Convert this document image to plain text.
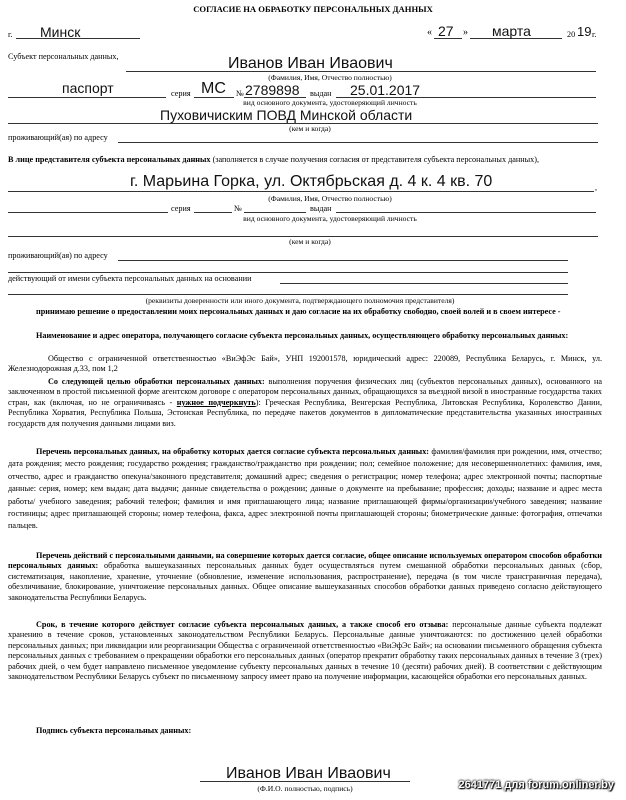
СОГЛАСИЕ НА ОБРАБОТКУ ПЕРСОНАЛЬНЫХ ДАННЫХ
г. Минск	« 27 » марта	20 19 г.
Субъект персональных данных,	Иванов Иван Иваович
(Фамилия, Имя, Отчество полностью)
паспорт	серия МС № 2789898 выдан 25.01.2017
вид основного документа, удостоверяющий личность
Пуховичиским ПОВД Минской области
(кем и когда)
проживающий(ая) по адресу
В лице представителя субъекта персональных данных (заполняется в случае получения согласия от представителя субъекта персональных данных),
г. Марьина Горка, ул. Октябрьская д. 4 к. 4 кв. 70	,
(Фамилия, Имя, Отчество полностью)
серия	№	выдан
вид основного документа, удостоверяющий личность
(кем и когда)
проживающий(ая) по адресу
действующий от имени субъекта персональных данных на основании
(реквизиты доверенности или иного документа, подтверждающего полномочия представителя)
принимаю решение о предоставлении моих персональных данных и даю согласие на их обработку свободно, своей волей и в своем интересе -
Наименование и адрес оператора, получающего согласие субъекта персональных данных, осуществляющего обработку персональных данных:
Общество с ограниченной ответственностью «ВиЭфЭс Бай», УНП 192001578, юридический адрес: 220089, Республика Беларусь, г. Минск, ул. Железнодорожная д.33, пом 1,2
Со следующей целью обработки персональных данных: выполнения поручения физических лиц (субъектов персональных данных), основанного на заключенном в простой письменной форме агентском договоре с оператором персональных данных, обращающихся за въездной визой в иностранные государства таких стран, как (включая, но не ограничиваясь - нужное подчеркнуть): Греческая Республика, Венгерская Республика, Литовская Республика, Королевство Дании, Республика Хорватия, Республика Польша, Эстонская Республика, по передаче пакетов документов в дипломатические представительства указанных иностранных государств для получения данными лицами виз.
Перечень персональных данных, на обработку которых дается согласие субъекта персональных данных: фамилия/фамилия при рождении, имя, отчество; дата рождения; место рождения; государство рождения; гражданство/гражданство при рождении; пол; семейное положение; для несовершеннолетних: фамилия, имя, отчество, адрес и гражданство опекуна/законного представителя; домашний адрес; сведения о регистрации; номер телефона; адрес электронной почты; паспортные данные: серия, номер; кем выдан; дата выдачи; данные свидетельства о рождении; данные о документе на пребывание; профессия; доходы; название и адрес места работы/ учебного заведения; рабочий телефон; фамилия и имя приглашающего лица; название приглашающей фирмы/организации/учебного заведения; название гостиницы; адрес приглашающей стороны; номер телефона, факса, адрес электронной почты приглашающей стороны; биометрические данные: фотография, отпечатки пальцев.
Перечень действий с персональными данными, на совершение которых дается согласие, общее описание используемых оператором способов обработки персональных данных: обработка вышеуказанных персональных данных будет осуществляться путем смешанной обработки персональных данных (сбор, систематизация, накопление, хранение, уточнение (обновление, изменение использования, распространение), передача (в том числе трансграничная передача), обезличивание, блокирование, уничтожение персональных данных. Общее описание вышеуказанных способов обработки данных приведено согласно действующего законодательства Республики Беларусь.
Срок, в течение которого действует согласие субъекта персональных данных, а также способ его отзыва: персональные данные субъекта подлежат хранению в течение сроков, установленных законодательством Республики Беларусь. Персональные данные уничтожаются: по достижению целей обработки персональных данных; при ликвидации или реорганизации Общества с ограниченной ответственностью «ВиЭфЭс Бай»; на основании письменного обращения субъекта персональных данных с требованием о прекращении обработки его персональных данных (оператор прекратит обработку таких персональных данных в течение 3 (трех) рабочих дней, о чем будет направлено письменное уведомление субъекту персональных данных в течение 10 (десяти) рабочих дней). В соответствии с действующим законодательством Республики Беларусь субъект по письменному запросу имеет право на получение информации, касающейся обработки его персональных данных.
Подпись субъекта персональных данных:
Иванов Иван Иваович
(Ф.И.О. полностью, подпись)	2641771 для forum.onliner.by
